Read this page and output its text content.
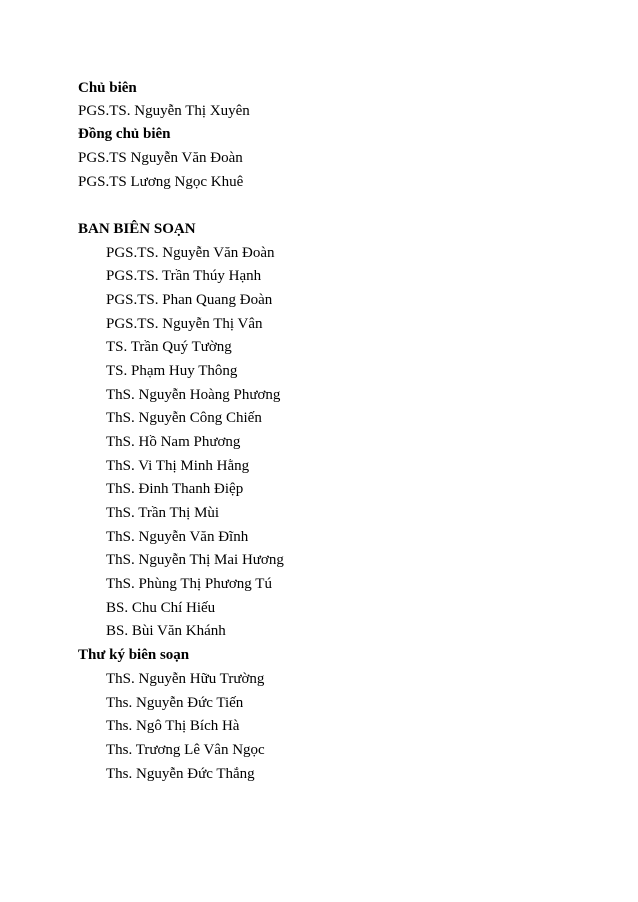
Chủ biên
PGS.TS. Nguyễn Thị Xuyên
Đồng chủ biên
PGS.TS Nguyễn Văn Đoàn
PGS.TS Lương Ngọc Khuê
BAN BIÊN SOẠN
PGS.TS. Nguyễn Văn Đoàn
PGS.TS. Trần Thúy Hạnh
PGS.TS. Phan Quang Đoàn
PGS.TS. Nguyễn Thị Vân
TS. Trần Quý Tường
TS. Phạm Huy Thông
ThS. Nguyễn Hoàng Phương
ThS. Nguyễn Công Chiến
ThS. Hồ Nam Phương
ThS. Vi Thị Minh Hằng
ThS. Đinh Thanh Điệp
ThS. Trần Thị Mùi
ThS. Nguyễn Văn Đĩnh
ThS. Nguyễn Thị Mai Hương
ThS. Phùng Thị Phương Tú
BS. Chu Chí Hiếu
BS. Bùi Văn Khánh
Thư ký biên soạn
ThS. Nguyễn Hữu Trường
Ths. Nguyễn Đức Tiến
Ths. Ngô Thị Bích Hà
Ths. Trương Lê Vân Ngọc
Ths. Nguyễn Đức Thắng
